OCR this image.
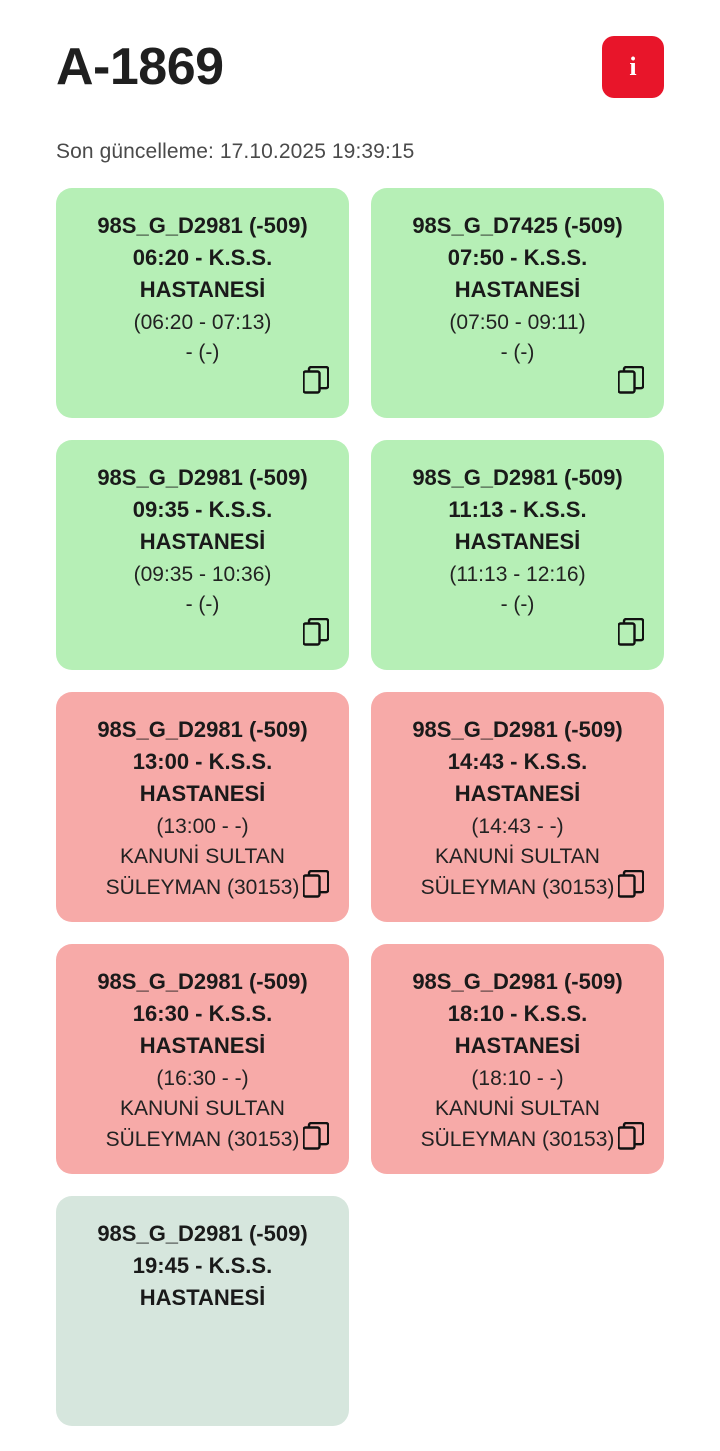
A-1869	i
Son güncelleme: 17.10.2025 19:39:15
98S_G_D2981 (-509)
06:20 - K.S.S. HASTANESİ
(06:20 - 07:13)
- (-)
98S_G_D7425 (-509)
07:50 - K.S.S. HASTANESİ
(07:50 - 09:11)
- (-)
98S_G_D2981 (-509)
09:35 - K.S.S. HASTANESİ
(09:35 - 10:36)
- (-)
98S_G_D2981 (-509)
11:13 - K.S.S. HASTANESİ
(11:13 - 12:16)
- (-)
98S_G_D2981 (-509)
13:00 - K.S.S. HASTANESİ
(13:00 - -)
KANUNİ SULTAN SÜLEYMAN (30153)
98S_G_D2981 (-509)
14:43 - K.S.S. HASTANESİ
(14:43 - -)
KANUNİ SULTAN SÜLEYMAN (30153)
98S_G_D2981 (-509)
16:30 - K.S.S. HASTANESİ
(16:30 - -)
KANUNİ SULTAN SÜLEYMAN (30153)
98S_G_D2981 (-509)
18:10 - K.S.S. HASTANESİ
(18:10 - -)
KANUNİ SULTAN SÜLEYMAN (30153)
98S_G_D2981 (-509)
19:45 - K.S.S. HASTANESİ
